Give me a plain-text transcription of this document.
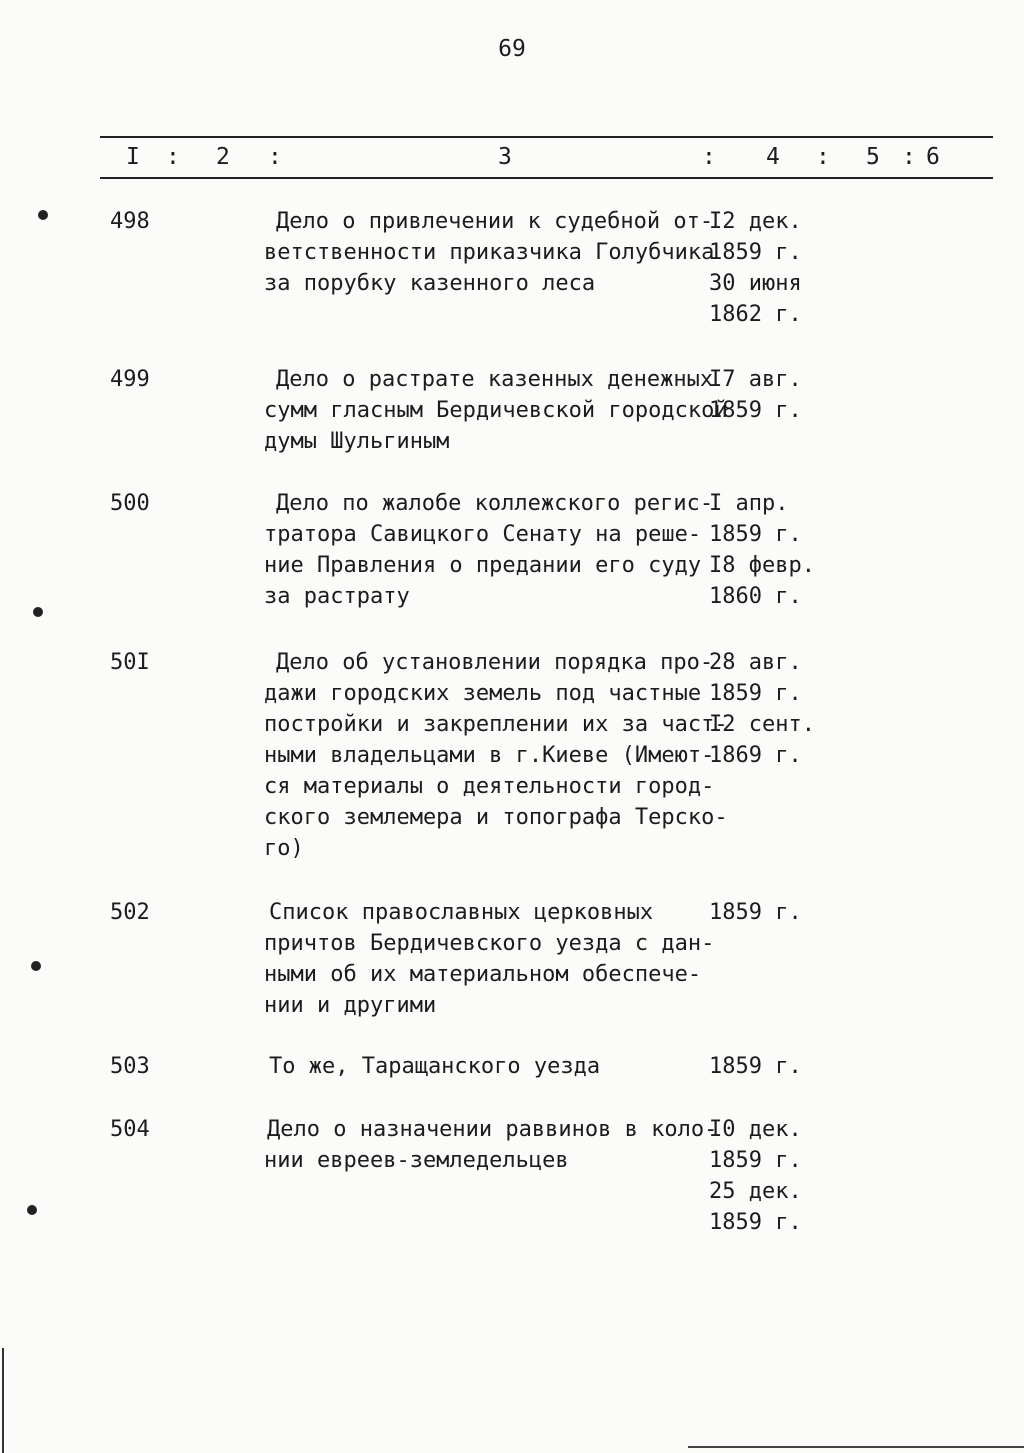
69
I : 2 :	3	: 4 : 5 : 6
498	Дело о привлечении к судебной от-
ветственности приказчика Голубчика
за порубку казенного леса
I2 дек.
1859 г.
30 июня
1862 г.
499	Дело о растрате казенных денежных
сумм гласным Бердичевской городской
думы Шульгиным
I7 авг.
1859 г.
500	Дело по жалобе коллежского регис-
тратора Савицкого Сенату на реше-
ние Правления о предании его суду
за растрату
I апр.
1859 г.
I8 февр.
1860 г.
50I	Дело об установлении порядка про-
дажи городских земель под частные
постройки и закреплении их за част-
ными владельцами в г.Киеве (Имеют-
ся материалы о деятельности город-
ского землемера и топографа Терско-
го)
28 авг.
1859 г.
I2 сент.
1869 г.
502	Список православных церковных
причтов Бердичевского уезда с дан-
ными об их материальном обеспече-
нии и другими
1859 г.
503	То же, Таращанского уезда	1859 г.
504	Дело о назначении раввинов в коло-
нии евреев-земледельцев
I0 дек.
1859 г.
25 дек.
1859 г.
